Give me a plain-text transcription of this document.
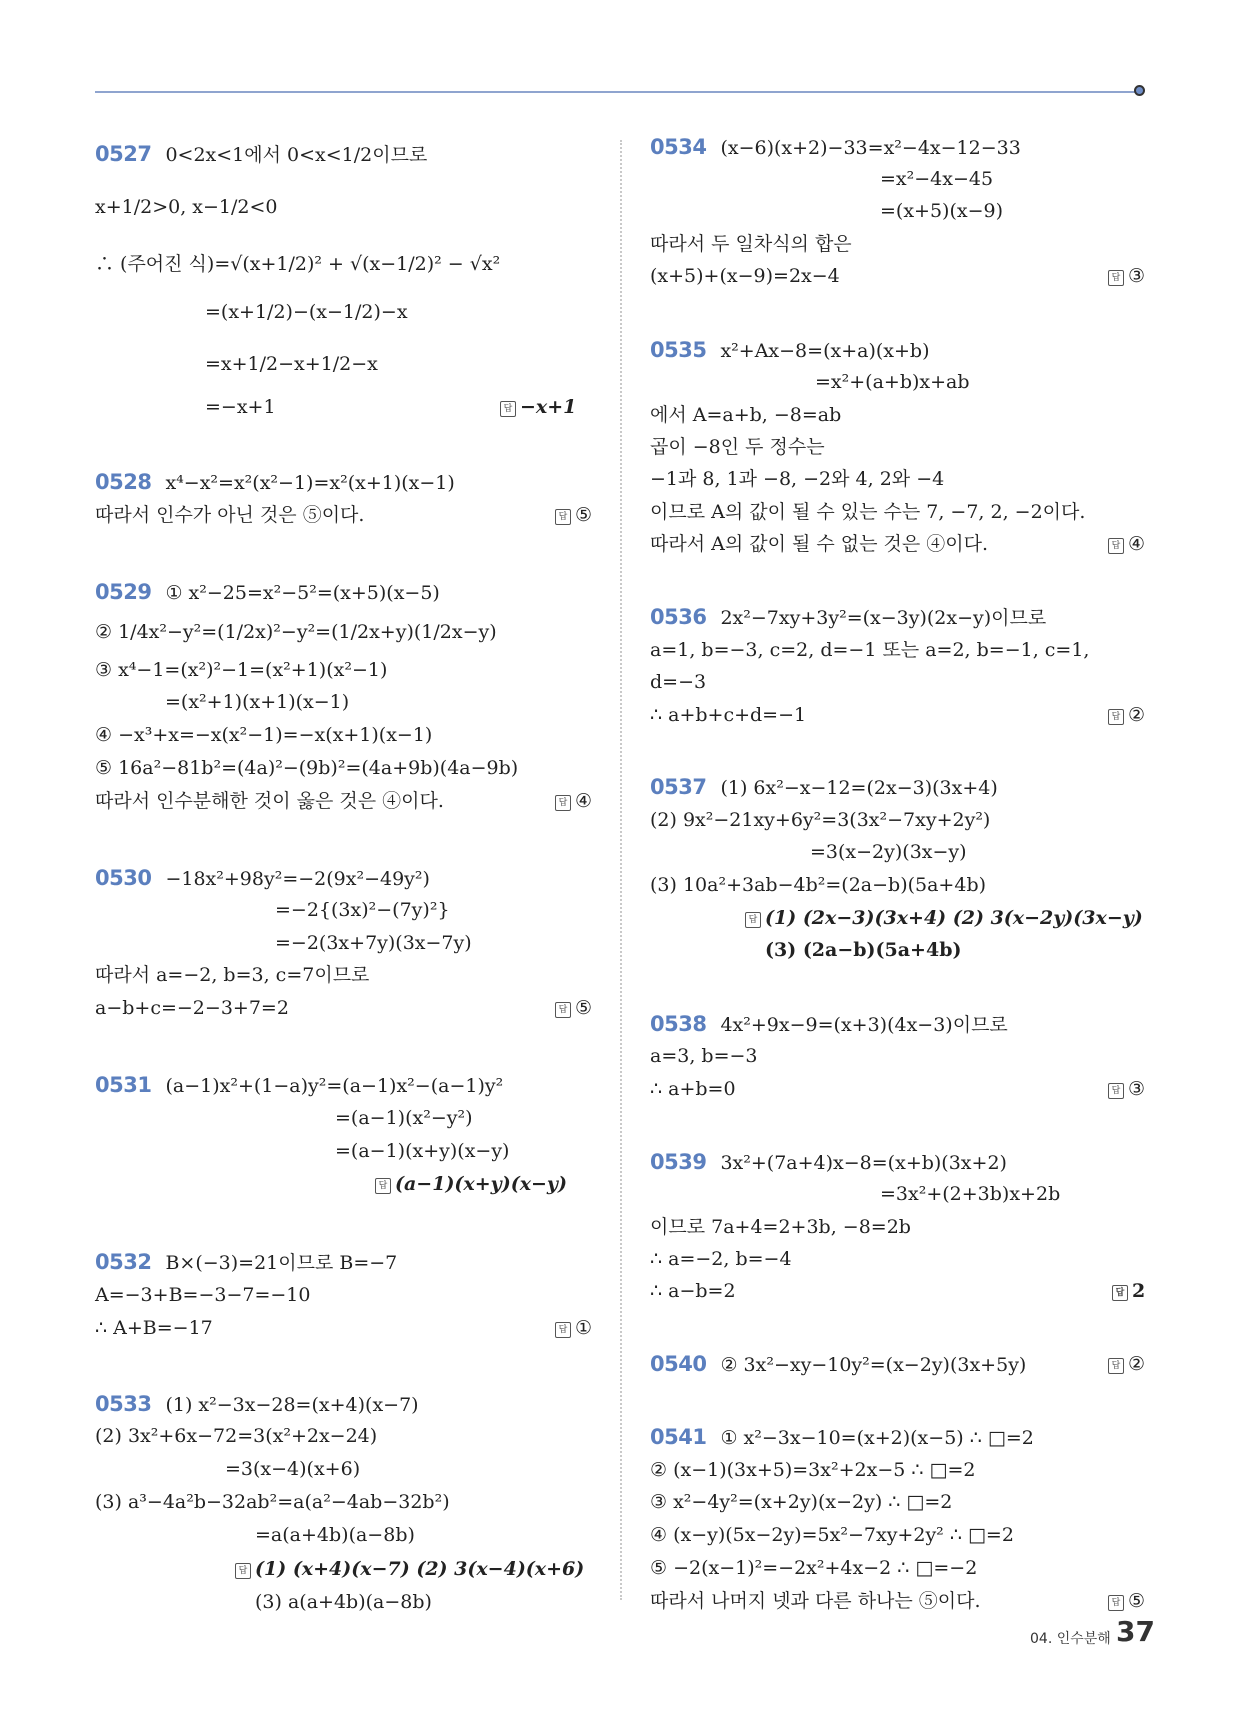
0527 0<2x<1에서 0<x<1/2이므로
x+1/2>0, x−1/2<0
∴ (주어진 식)=√(x+1/2)² + √(x−1/2)² − √x²
=(x+1/2)−(x−1/2)−x
=x+1/2−x+1/2−x
=−x+1	답 −x+1
0528 x⁴−x²=x²(x²−1)=x²(x+1)(x−1)
따라서 인수가 아닌 것은 ⑤이다.	답 ⑤
0529 ① x²−25=x²−5²=(x+5)(x−5)
② 1/4x²−y²=(1/2x)²−y²=(1/2x+y)(1/2x−y)
③ x⁴−1=(x²)²−1=(x²+1)(x²−1)
=(x²+1)(x+1)(x−1)
④ −x³+x=−x(x²−1)=−x(x+1)(x−1)
⑤ 16a²−81b²=(4a)²−(9b)²=(4a+9b)(4a−9b)
따라서 인수분해한 것이 옳은 것은 ④이다.	답 ④
0530 −18x²+98y²=−2(9x²−49y²)
=−2{(3x)²−(7y)²}
=−2(3x+7y)(3x−7y)
따라서 a=−2, b=3, c=7이므로
a−b+c=−2−3+7=2	답 ⑤
0531 (a−1)x²+(1−a)y²=(a−1)x²−(a−1)y²
=(a−1)(x²−y²)
=(a−1)(x+y)(x−y)
답 (a−1)(x+y)(x−y)
0532 B×(−3)=21이므로 B=−7
A=−3+B=−3−7=−10
∴ A+B=−17	답 ①
0533 (1) x²−3x−28=(x+4)(x−7)
(2) 3x²+6x−72=3(x²+2x−24)
=3(x−4)(x+6)
(3) a³−4a²b−32ab²=a(a²−4ab−32b²)
=a(a+4b)(a−8b)
답 (1) (x+4)(x−7) (2) 3(x−4)(x+6)
(3) a(a+4b)(a−8b)
0534 (x−6)(x+2)−33=x²−4x−12−33
=x²−4x−45
=(x+5)(x−9)
따라서 두 일차식의 합은
(x+5)+(x−9)=2x−4	답 ③
0535 x²+Ax−8=(x+a)(x+b)
=x²+(a+b)x+ab
에서 A=a+b, −8=ab
곱이 −8인 두 정수는
−1과 8, 1과 −8, −2와 4, 2와 −4
이므로 A의 값이 될 수 있는 수는 7, −7, 2, −2이다.
따라서 A의 값이 될 수 없는 것은 ④이다.	답 ④
0536 2x²−7xy+3y²=(x−3y)(2x−y)이므로
a=1, b=−3, c=2, d=−1 또는 a=2, b=−1, c=1,
d=−3
∴ a+b+c+d=−1	답 ②
0537 (1) 6x²−x−12=(2x−3)(3x+4)
(2) 9x²−21xy+6y²=3(3x²−7xy+2y²)
=3(x−2y)(3x−y)
(3) 10a²+3ab−4b²=(2a−b)(5a+4b)
답 (1) (2x−3)(3x+4) (2) 3(x−2y)(3x−y)
(3) (2a−b)(5a+4b)
0538 4x²+9x−9=(x+3)(4x−3)이므로
a=3, b=−3
∴ a+b=0	답 ③
0539 3x²+(7a+4)x−8=(x+b)(3x+2)
=3x²+(2+3b)x+2b
이므로 7a+4=2+3b, −8=2b
∴ a=−2, b=−4
∴ a−b=2	답 2
0540 ② 3x²−xy−10y²=(x−2y)(3x+5y)	답 ②
0541 ① x²−3x−10=(x+2)(x−5) ∴ □=2
② (x−1)(3x+5)=3x²+2x−5 ∴ □=2
③ x²−4y²=(x+2y)(x−2y) ∴ □=2
④ (x−y)(5x−2y)=5x²−7xy+2y² ∴ □=2
⑤ −2(x−1)²=−2x²+4x−2 ∴ □=−2
따라서 나머지 넷과 다른 하나는 ⑤이다.	답 ⑤
04. 인수분해 37
